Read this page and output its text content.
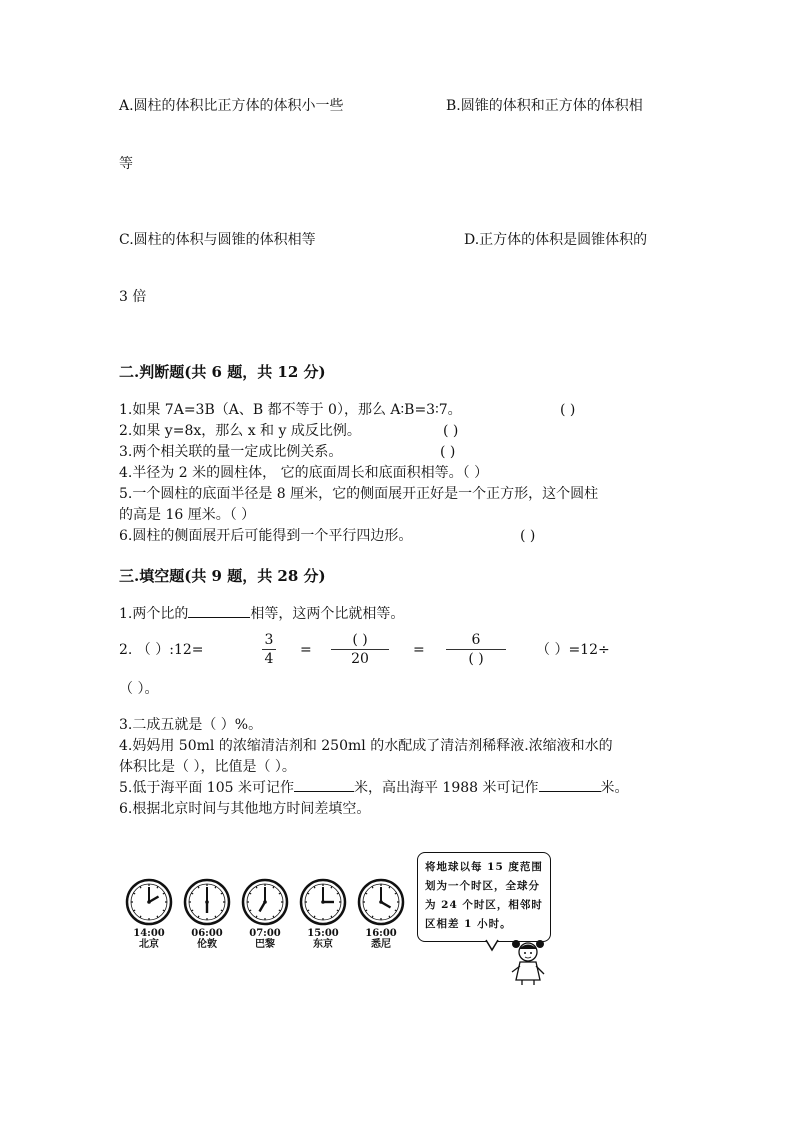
A.圆柱的体积比正方体的体积小一些	B.圆锥的体积和正方体的体积相
等
C.圆柱的体积与圆锥的体积相等	D.正方体的体积是圆锥体积的
3 倍
二.判断题(共 6 题，共 12 分)
1.如果 7A=3B（A、B 都不等于 0），那么 A∶B=3∶7。	( )
2.如果 y=8x，那么 x 和 y 成反比例。	( )
3.两个相关联的量一定成比例关系。	( )
4.半径为 2 米的圆柱体， 它的底面周长和底面积相等。（ ）
5.一个圆柱的底面半径是 8 厘米，它的侧面展开正好是一个正方形，这个圆柱
的高是 16 厘米。（ ）
6.圆柱的侧面展开后可能得到一个平行四边形。	( )
三.填空题(共 9 题，共 28 分)
1.两个比的	相等，这两个比就相等。
2. （ ）:12=
3
4
=
( )
20
=
6
( )
（ ）=12÷
（ ）。
3.二成五就是（ ）%。
4.妈妈用 50ml 的浓缩清洁剂和 250ml 的水配成了清洁剂稀释液.浓缩液和水的
体积比是（ ），比值是（ ）。
5.低于海平面 105 米可记作	米，高出海平 1988 米可记作	米。
6.根据北京时间与其他地方时间差填空。
14:00
北京
06:00
伦敦
07:00
巴黎
15:00
东京
16:00
悉尼
将地球以每 15 度范围划为一个时区，全球分为 24 个时区，相邻时区相差 1 小时。
